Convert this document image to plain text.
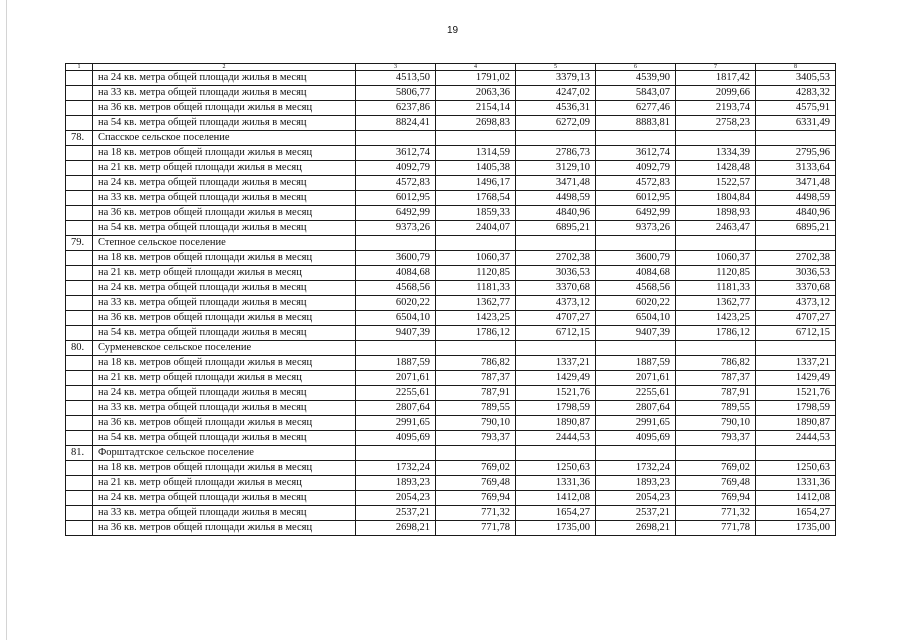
19
1	2	3	4	5	6	7	8
	на 24 кв. метра общей площади жилья в месяц	4513,50	1791,02	3379,13	4539,90	1817,42	3405,53
	на 33 кв. метра общей площади жилья в месяц	5806,77	2063,36	4247,02	5843,07	2099,66	4283,32
	на 36 кв. метров общей площади жилья в месяц	6237,86	2154,14	4536,31	6277,46	2193,74	4575,91
	на 54 кв. метра общей площади жилья в месяц	8824,41	2698,83	6272,09	8883,81	2758,23	6331,49
78.	Спасское сельское поселение						
	на 18 кв. метров общей площади жилья в месяц	3612,74	1314,59	2786,73	3612,74	1334,39	2795,96
	на 21 кв. метр общей площади жилья в месяц	4092,79	1405,38	3129,10	4092,79	1428,48	3133,64
	на 24 кв. метра общей площади жилья в месяц	4572,83	1496,17	3471,48	4572,83	1522,57	3471,48
	на 33 кв. метра общей площади жилья в месяц	6012,95	1768,54	4498,59	6012,95	1804,84	4498,59
	на 36 кв. метров общей площади жилья в месяц	6492,99	1859,33	4840,96	6492,99	1898,93	4840,96
	на 54 кв. метра общей площади жилья в месяц	9373,26	2404,07	6895,21	9373,26	2463,47	6895,21
79.	Степное сельское поселение						
	на 18 кв. метров общей площади жилья в месяц	3600,79	1060,37	2702,38	3600,79	1060,37	2702,38
	на 21 кв. метр общей площади жилья в месяц	4084,68	1120,85	3036,53	4084,68	1120,85	3036,53
	на 24 кв. метра общей площади жилья в месяц	4568,56	1181,33	3370,68	4568,56	1181,33	3370,68
	на 33 кв. метра общей площади жилья в месяц	6020,22	1362,77	4373,12	6020,22	1362,77	4373,12
	на 36 кв. метров общей площади жилья в месяц	6504,10	1423,25	4707,27	6504,10	1423,25	4707,27
	на 54 кв. метра общей площади жилья в месяц	9407,39	1786,12	6712,15	9407,39	1786,12	6712,15
80.	Сурменевское сельское поселение						
	на 18 кв. метров общей площади жилья в месяц	1887,59	786,82	1337,21	1887,59	786,82	1337,21
	на 21 кв. метр общей площади жилья в месяц	2071,61	787,37	1429,49	2071,61	787,37	1429,49
	на 24 кв. метра общей площади жилья в месяц	2255,61	787,91	1521,76	2255,61	787,91	1521,76
	на 33 кв. метра общей площади жилья в месяц	2807,64	789,55	1798,59	2807,64	789,55	1798,59
	на 36 кв. метров общей площади жилья в месяц	2991,65	790,10	1890,87	2991,65	790,10	1890,87
	на 54 кв. метра общей площади жилья в месяц	4095,69	793,37	2444,53	4095,69	793,37	2444,53
81.	Форштадтское сельское поселение						
	на 18 кв. метров общей площади жилья в месяц	1732,24	769,02	1250,63	1732,24	769,02	1250,63
	на 21 кв. метр общей площади жилья в месяц	1893,23	769,48	1331,36	1893,23	769,48	1331,36
	на 24 кв. метра общей площади жилья в месяц	2054,23	769,94	1412,08	2054,23	769,94	1412,08
	на 33 кв. метра общей площади жилья в месяц	2537,21	771,32	1654,27	2537,21	771,32	1654,27
	на 36 кв. метров общей площади жилья в месяц	2698,21	771,78	1735,00	2698,21	771,78	1735,00
